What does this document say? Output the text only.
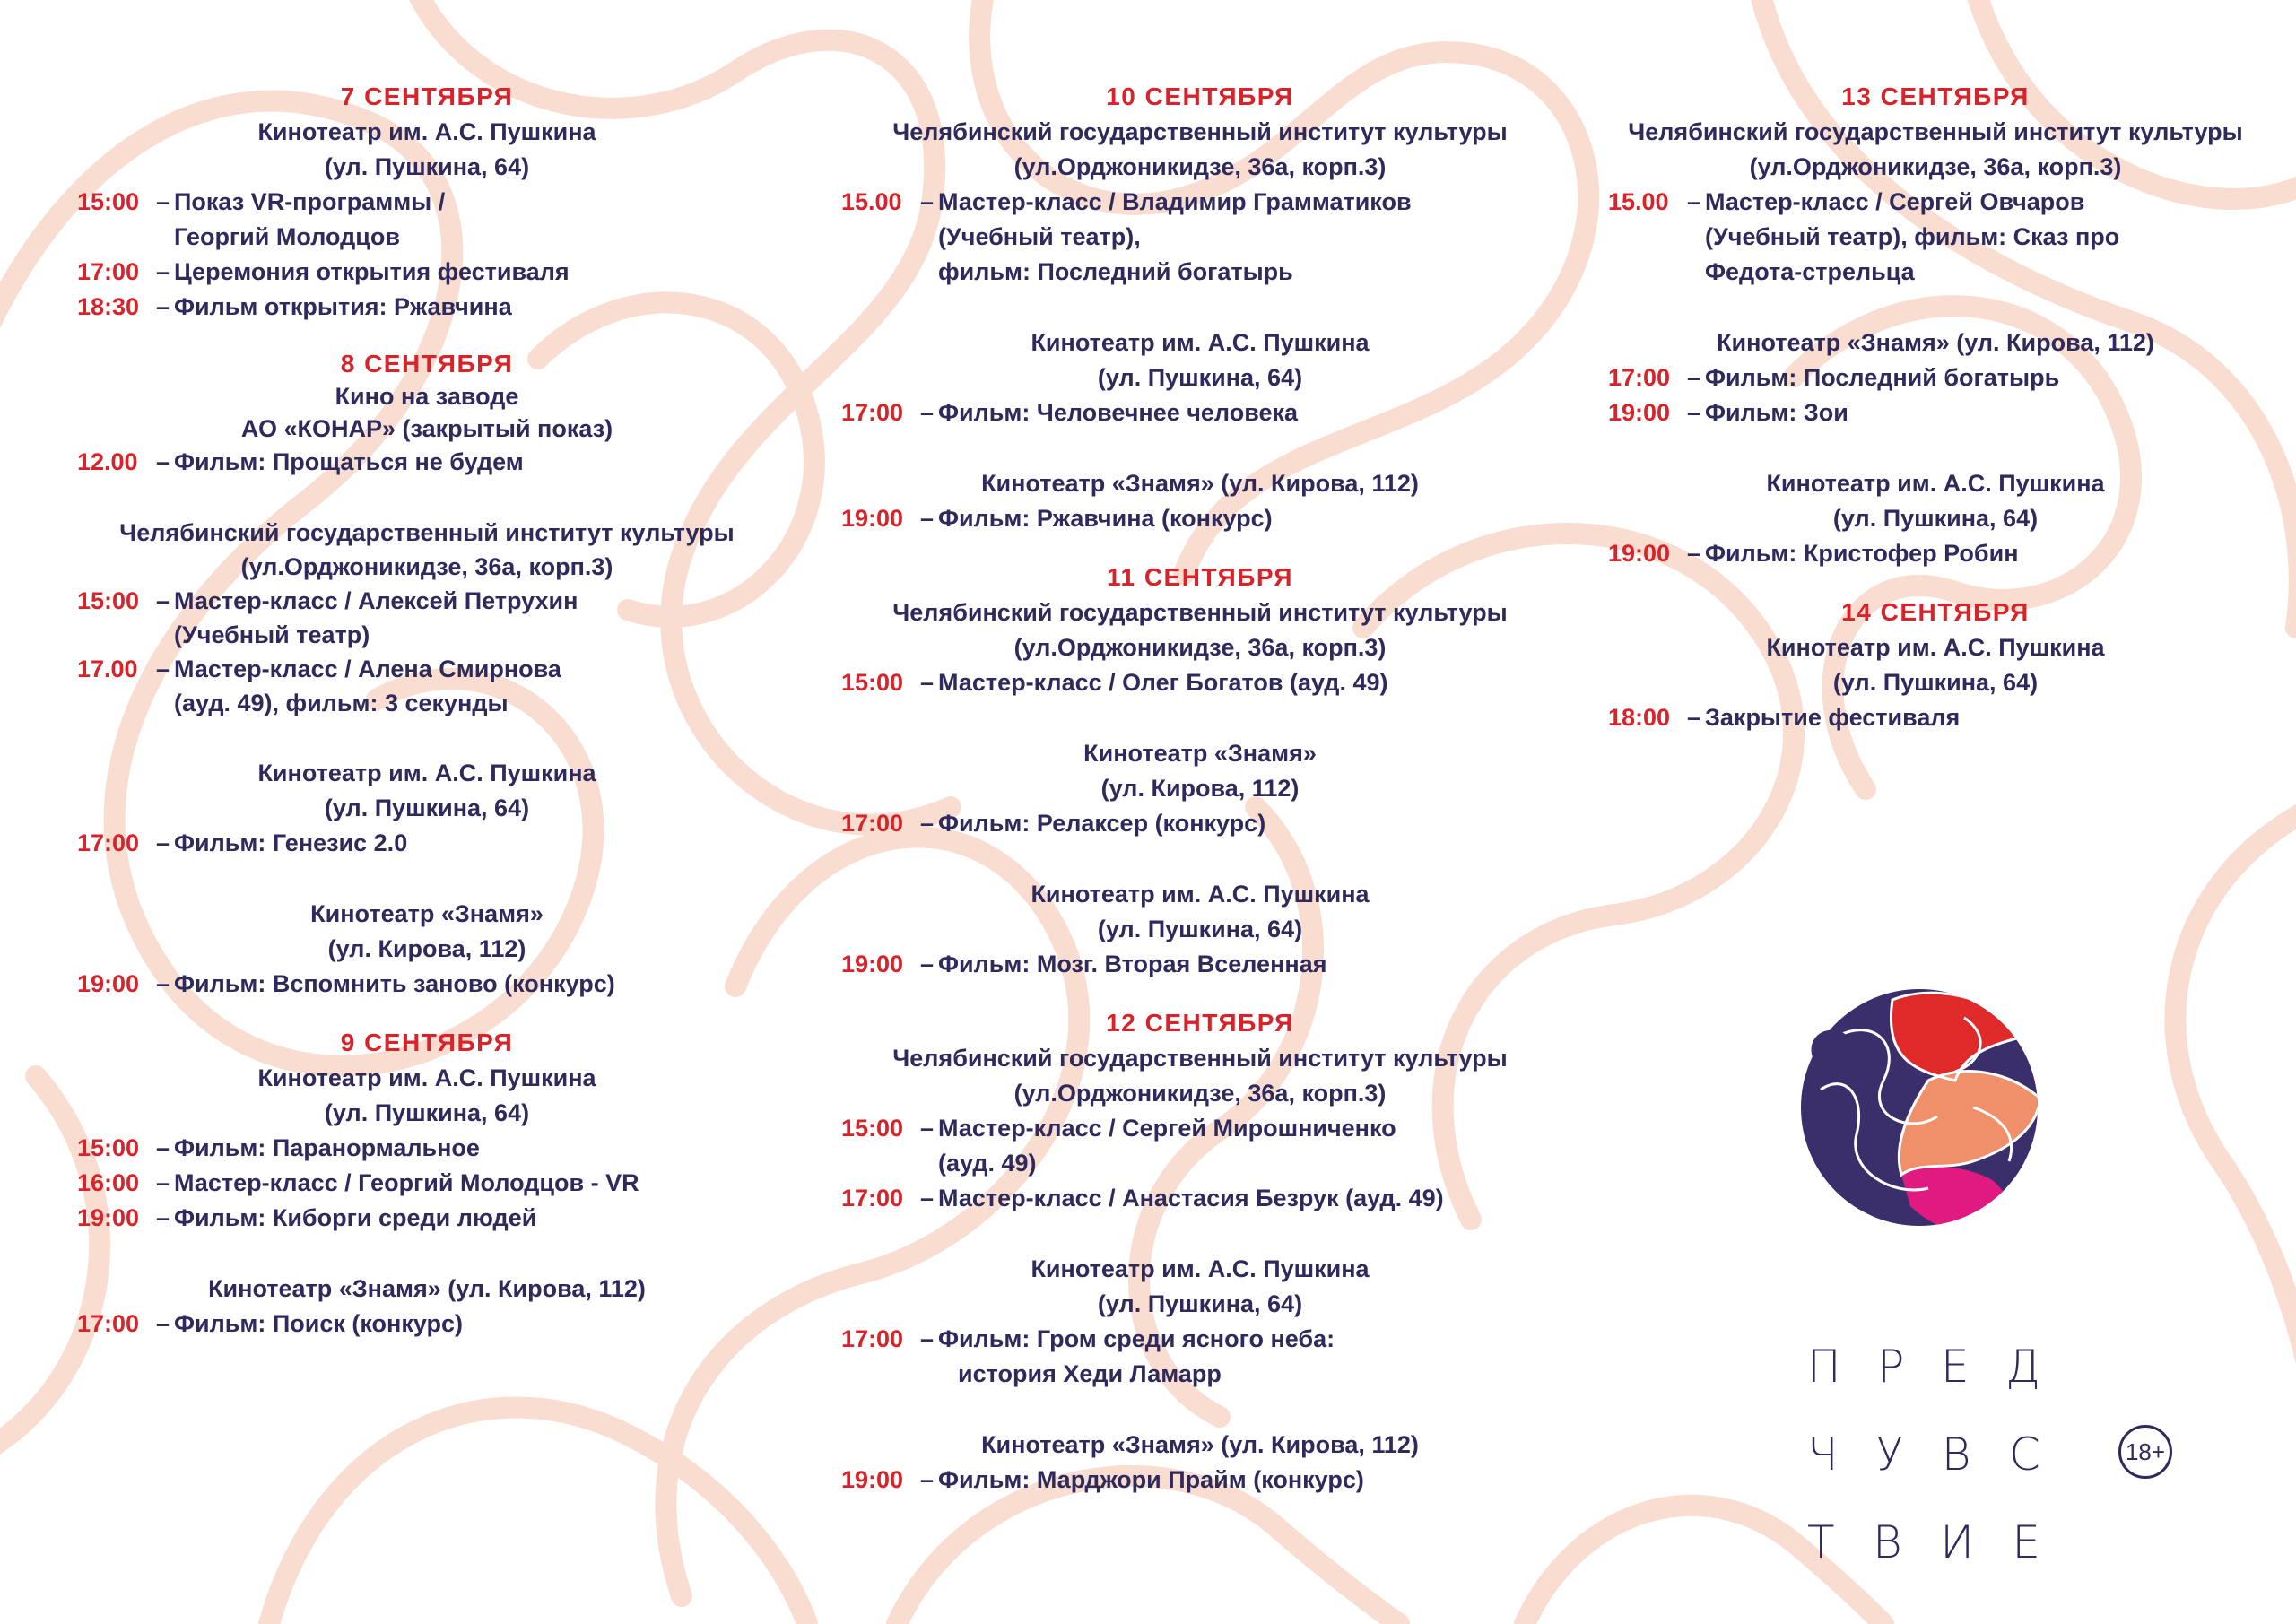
7 СЕНТЯБРЯ
Кинотеатр им. А.С. Пушкина
(ул. Пушкина, 64)
15:00 – Показ VR-программы /
Георгий Молодцов
17:00 – Церемония открытия фестиваля
18:30 – Фильм открытия: Ржавчина
8 СЕНТЯБРЯ
Кино на заводе
АО «КОНАР» (закрытый показ)
12.00 – Фильм: Прощаться не будем
Челябинский государственный институт культуры
(ул.Орджоникидзе, 36а, корп.3)
15:00 – Мастер-класс / Алексей Петрухин
(Учебный театр)
17.00 – Мастер-класс / Алена Смирнова
(ауд. 49), фильм: 3 секунды
Кинотеатр им. А.С. Пушкина
(ул. Пушкина, 64)
17:00 – Фильм: Генезис 2.0
Кинотеатр «Знамя»
(ул. Кирова, 112)
19:00 – Фильм: Вспомнить заново (конкурс)
9 СЕНТЯБРЯ
Кинотеатр им. А.С. Пушкина
(ул. Пушкина, 64)
15:00 – Фильм: Паранормальное
16:00 – Мастер-класс / Георгий Молодцов - VR
19:00 – Фильм: Киборги среди людей
Кинотеатр «Знамя» (ул. Кирова, 112)
17:00 – Фильм: Поиск (конкурс)
10 СЕНТЯБРЯ
Челябинский государственный институт культуры
(ул.Орджоникидзе, 36а, корп.3)
15.00 – Мастер-класс / Владимир Грамматиков
(Учебный театр),
фильм: Последний богатырь
Кинотеатр им. А.С. Пушкина
(ул. Пушкина, 64)
17:00 – Фильм: Человечнее человека
Кинотеатр «Знамя» (ул. Кирова, 112)
19:00 – Фильм: Ржавчина (конкурс)
11 СЕНТЯБРЯ
Челябинский государственный институт культуры
(ул.Орджоникидзе, 36а, корп.3)
15:00 – Мастер-класс / Олег Богатов (ауд. 49)
Кинотеатр «Знамя»
(ул. Кирова, 112)
17:00 – Фильм: Релаксер (конкурс)
Кинотеатр им. А.С. Пушкина
(ул. Пушкина, 64)
19:00 – Фильм: Мозг. Вторая Вселенная
12 СЕНТЯБРЯ
Челябинский государственный институт культуры
(ул.Орджоникидзе, 36а, корп.3)
15:00 – Мастер-класс / Сергей Мирошниченко
(ауд. 49)
17:00 – Мастер-класс / Анастасия Безрук (ауд. 49)
Кинотеатр им. А.С. Пушкина
(ул. Пушкина, 64)
17:00 – Фильм: Гром среди ясного неба:
история Хеди Ламарр
Кинотеатр «Знамя» (ул. Кирова, 112)
19:00 – Фильм: Марджори Прайм (конкурс)
13 СЕНТЯБРЯ
Челябинский государственный институт культуры
(ул.Орджоникидзе, 36а, корп.3)
15.00 – Мастер-класс / Сергей Овчаров
(Учебный театр), фильм: Сказ про
Федота-стрельца
Кинотеатр «Знамя» (ул. Кирова, 112)
17:00 – Фильм: Последний богатырь
19:00 – Фильм: Зои
Кинотеатр им. А.С. Пушкина
(ул. Пушкина, 64)
19:00 – Фильм: Кристофер Робин
14 СЕНТЯБРЯ
Кинотеатр им. А.С. Пушкина
(ул. Пушкина, 64)
18:00 – Закрытие фестиваля
П Р Е Д
Ч У В С
Т В И Е
18+
